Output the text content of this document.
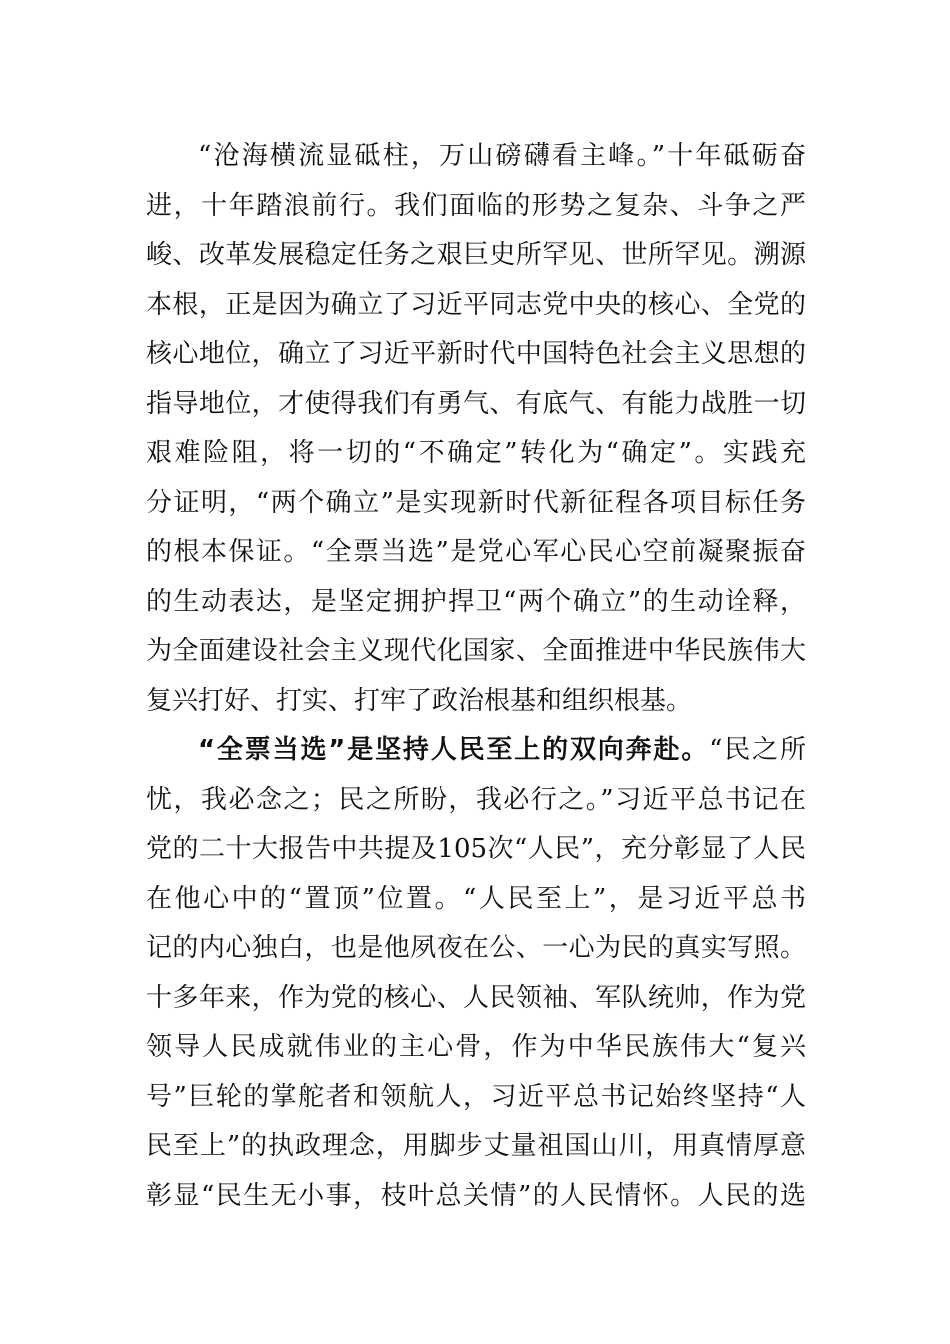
“沧海横流显砥柱，万山磅礴看主峰。”十年砥砺奋
进，十年踏浪前行。我们面临的形势之复杂、斗争之严
峻、改革发展稳定任务之艰巨史所罕见、世所罕见。溯源
本根，正是因为确立了习近平同志党中央的核心、全党的
核心地位，确立了习近平新时代中国特色社会主义思想的
指导地位，才使得我们有勇气、有底气、有能力战胜一切
艰难险阻，将一切的“不确定”转化为“确定”。实践充
分证明，“两个确立”是实现新时代新征程各项目标任务
的根本保证。“全票当选”是党心军心民心空前凝聚振奋
的生动表达，是坚定拥护捍卫“两个确立”的生动诠释，
为全面建设社会主义现代化国家、全面推进中华民族伟大
复兴打好、打实、打牢了政治根基和组织根基。
“全票当选”是坚持人民至上的双向奔赴。“民之所
忧，我必念之；民之所盼，我必行之。”习近平总书记在
党的二十大报告中共提及105次“人民”，充分彰显了人民
在他心中的“置顶”位置。“人民至上”，是习近平总书
记的内心独白，也是他夙夜在公、一心为民的真实写照。
十多年来，作为党的核心、人民领袖、军队统帅，作为党
领导人民成就伟业的主心骨，作为中华民族伟大“复兴
号”巨轮的掌舵者和领航人，习近平总书记始终坚持“人
民至上”的执政理念，用脚步丈量祖国山川，用真情厚意
彰显“民生无小事，枝叶总关情”的人民情怀。人民的选
